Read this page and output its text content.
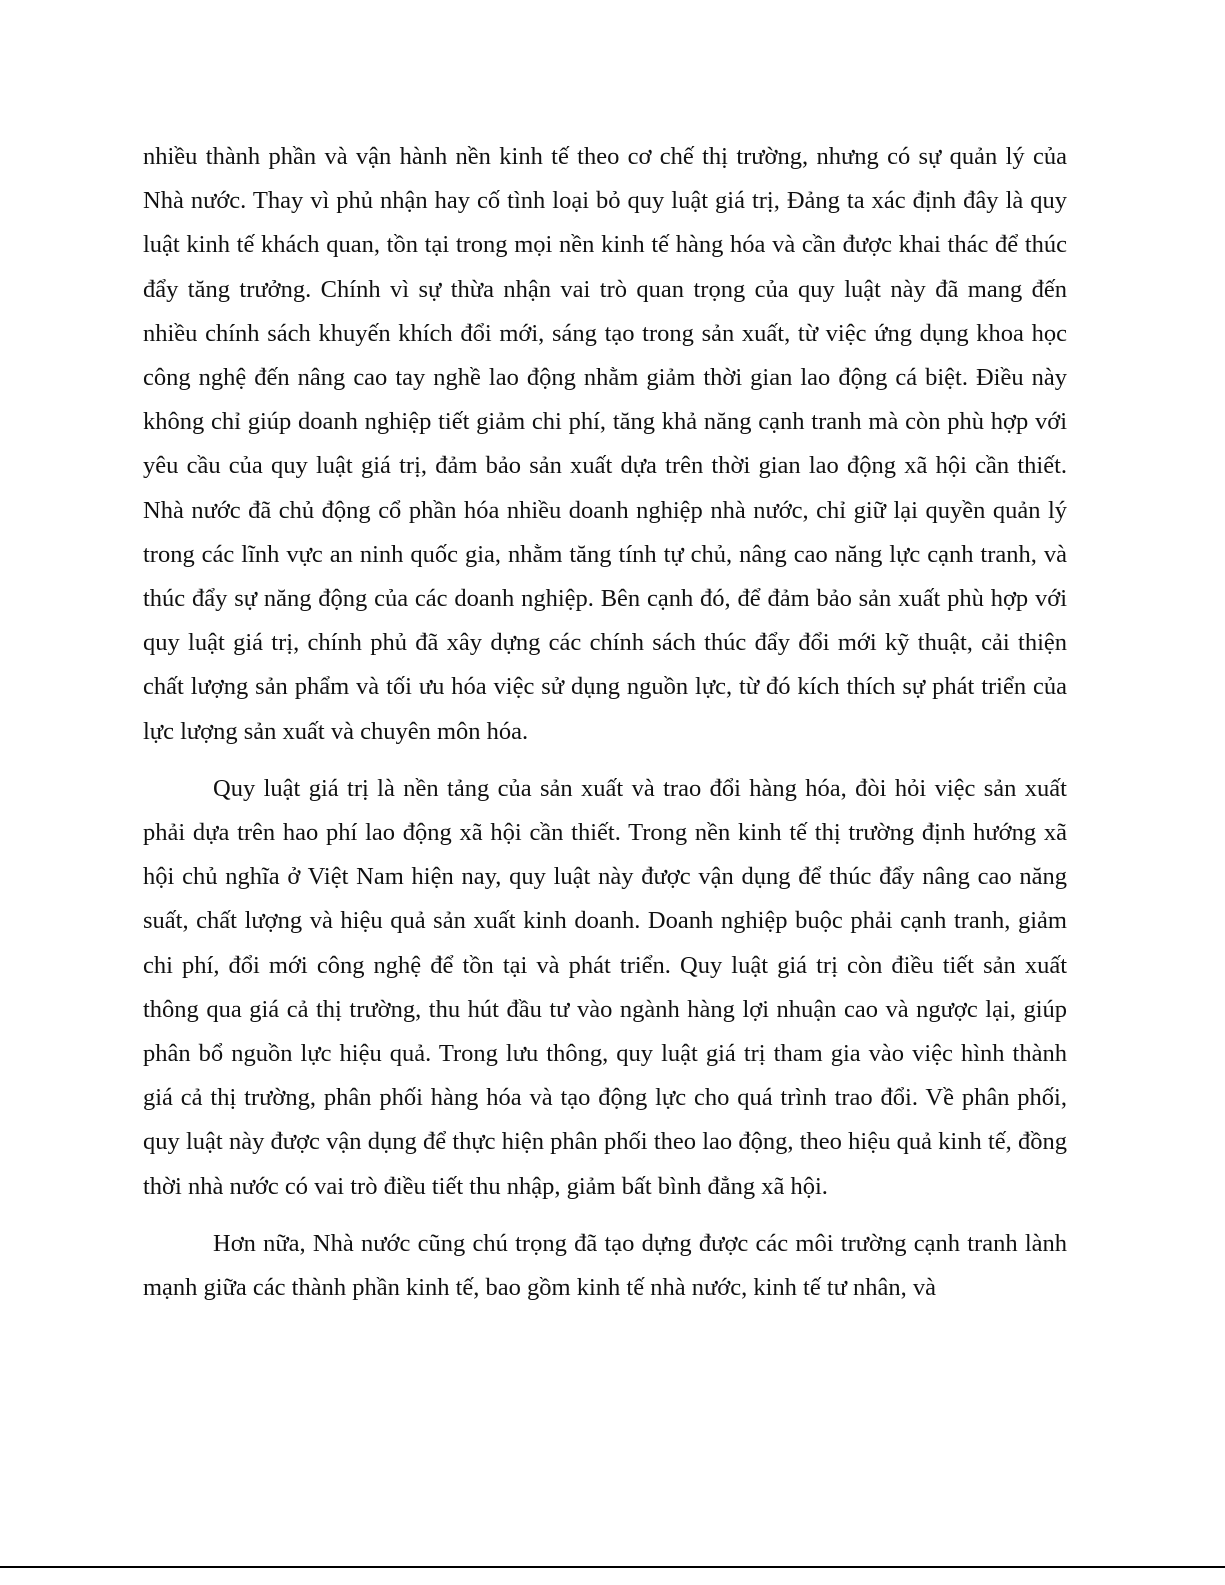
nhiều thành phần và vận hành nền kinh tế theo cơ chế thị trường, nhưng có sự quản lý của Nhà nước. Thay vì phủ nhận hay cố tình loại bỏ quy luật giá trị, Đảng ta xác định đây là quy luật kinh tế khách quan, tồn tại trong mọi nền kinh tế hàng hóa và cần được khai thác để thúc đẩy tăng trưởng. Chính vì sự thừa nhận vai trò quan trọng của quy luật này đã mang đến nhiều chính sách khuyến khích đổi mới, sáng tạo trong sản xuất, từ việc ứng dụng khoa học công nghệ đến nâng cao tay nghề lao động nhằm giảm thời gian lao động cá biệt. Điều này không chỉ giúp doanh nghiệp tiết giảm chi phí, tăng khả năng cạnh tranh mà còn phù hợp với yêu cầu của quy luật giá trị, đảm bảo sản xuất dựa trên thời gian lao động xã hội cần thiết. Nhà nước đã chủ động cổ phần hóa nhiều doanh nghiệp nhà nước, chỉ giữ lại quyền quản lý trong các lĩnh vực an ninh quốc gia, nhằm tăng tính tự chủ, nâng cao năng lực cạnh tranh, và thúc đẩy sự năng động của các doanh nghiệp. Bên cạnh đó, để đảm bảo sản xuất phù hợp với quy luật giá trị, chính phủ đã xây dựng các chính sách thúc đẩy đổi mới kỹ thuật, cải thiện chất lượng sản phẩm và tối ưu hóa việc sử dụng nguồn lực, từ đó kích thích sự phát triển của lực lượng sản xuất và chuyên môn hóa.

Quy luật giá trị là nền tảng của sản xuất và trao đổi hàng hóa, đòi hỏi việc sản xuất phải dựa trên hao phí lao động xã hội cần thiết. Trong nền kinh tế thị trường định hướng xã hội chủ nghĩa ở Việt Nam hiện nay, quy luật này được vận dụng để thúc đẩy nâng cao năng suất, chất lượng và hiệu quả sản xuất kinh doanh. Doanh nghiệp buộc phải cạnh tranh, giảm chi phí, đổi mới công nghệ để tồn tại và phát triển. Quy luật giá trị còn điều tiết sản xuất thông qua giá cả thị trường, thu hút đầu tư vào ngành hàng lợi nhuận cao và ngược lại, giúp phân bổ nguồn lực hiệu quả. Trong lưu thông, quy luật giá trị tham gia vào việc hình thành giá cả thị trường, phân phối hàng hóa và tạo động lực cho quá trình trao đổi. Về phân phối, quy luật này được vận dụng để thực hiện phân phối theo lao động, theo hiệu quả kinh tế, đồng thời nhà nước có vai trò điều tiết thu nhập, giảm bất bình đẳng xã hội.

Hơn nữa, Nhà nước cũng chú trọng đã tạo dựng được các môi trường cạnh tranh lành mạnh giữa các thành phần kinh tế, bao gồm kinh tế nhà nước, kinh tế tư nhân, và
